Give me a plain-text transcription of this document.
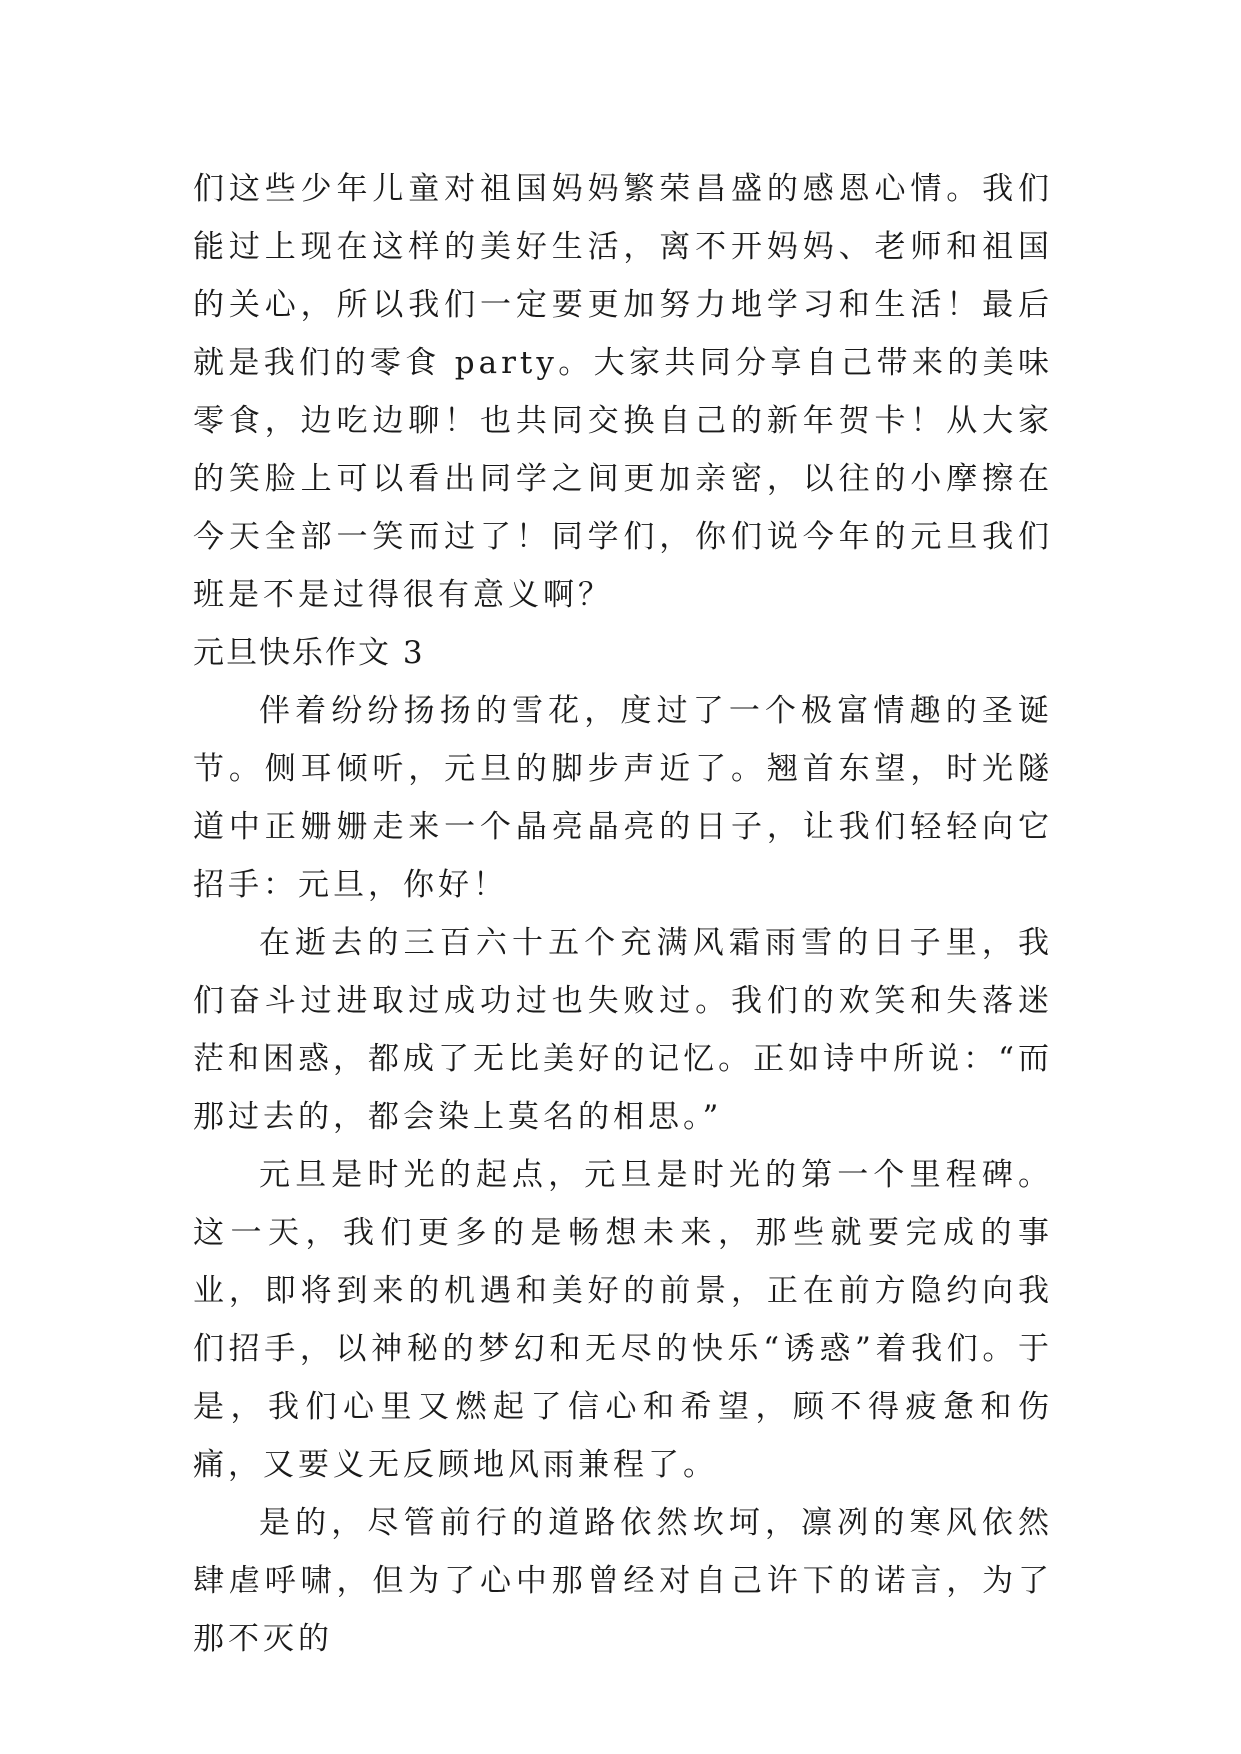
们这些少年儿童对祖国妈妈繁荣昌盛的感恩心情。我们能过上现在这样的美好生活，离不开妈妈、老师和祖国的关心，所以我们一定要更加努力地学习和生活！最后就是我们的零食 party。大家共同分享自己带来的美味零食，边吃边聊！也共同交换自己的新年贺卡！从大家的笑脸上可以看出同学之间更加亲密，以往的小摩擦在今天全部一笑而过了！同学们，你们说今年的元旦我们班是不是过得很有意义啊？

元旦快乐作文 3

伴着纷纷扬扬的雪花，度过了一个极富情趣的圣诞节。侧耳倾听，元旦的脚步声近了。翘首东望，时光隧道中正姗姗走来一个晶亮晶亮的日子，让我们轻轻向它招手：元旦，你好！

在逝去的三百六十五个充满风霜雨雪的日子里，我们奋斗过进取过成功过也失败过。我们的欢笑和失落迷茫和困惑，都成了无比美好的记忆。正如诗中所说：“而那过去的，都会染上莫名的相思。”

元旦是时光的起点，元旦是时光的第一个里程碑。这一天，我们更多的是畅想未来，那些就要完成的事业，即将到来的机遇和美好的前景，正在前方隐约向我们招手，以神秘的梦幻和无尽的快乐“诱惑”着我们。于是，我们心里又燃起了信心和希望，顾不得疲惫和伤痛，又要义无反顾地风雨兼程了。

是的，尽管前行的道路依然坎坷，凛冽的寒风依然肆虐呼啸，但为了心中那曾经对自己许下的诺言，为了那不灭的
